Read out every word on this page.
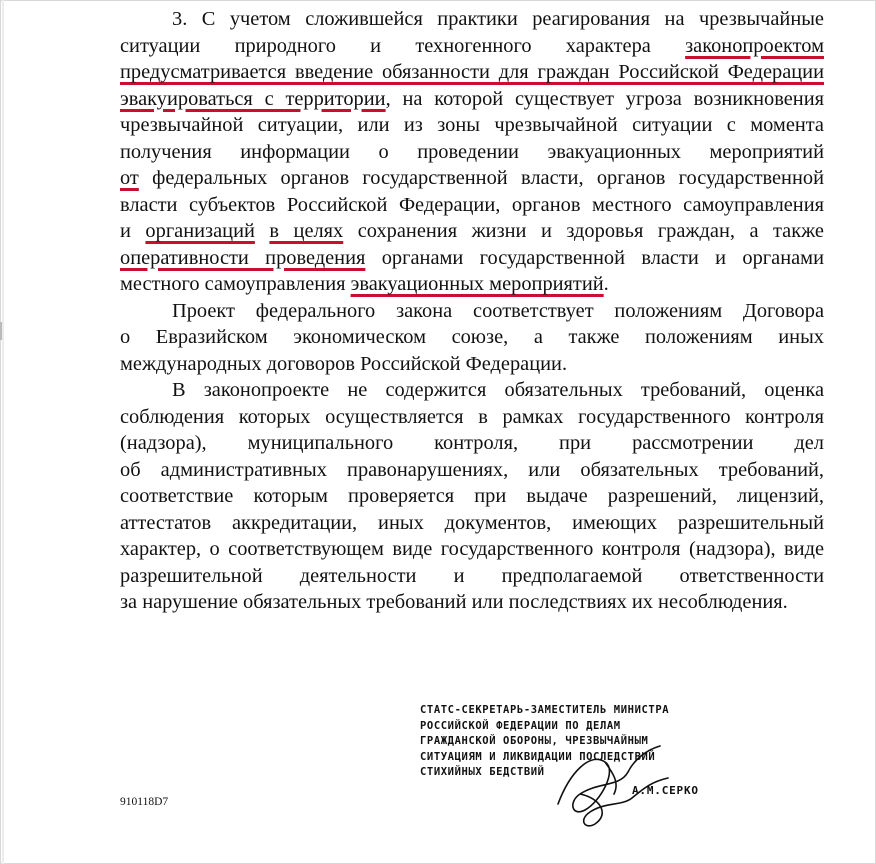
3. С учетом сложившейся практики реагирования на чрезвычайные
ситуации природного и техногенного характера законопроектом
предусматривается введение обязанности для граждан Российской Федерации
эвакуироваться с территории, на которой существует угроза возникновения
чрезвычайной ситуации, или из зоны чрезвычайной ситуации с момента
получения информации о проведении эвакуационных мероприятий
от федеральных органов государственной власти, органов государственной
власти субъектов Российской Федерации, органов местного самоуправления
и организаций в целях сохранения жизни и здоровья граждан, а также
оперативности проведения органами государственной власти и органами
местного самоуправления эвакуационных мероприятий.

Проект федерального закона соответствует положениям Договора
о Евразийском экономическом союзе, а также положениям иных
международных договоров Российской Федерации.

В законопроекте не содержится обязательных требований, оценка
соблюдения которых осуществляется в рамках государственного контроля
(надзора), муниципального контроля, при рассмотрении дел
об административных правонарушениях, или обязательных требований,
соответствие которым проверяется при выдаче разрешений, лицензий,
аттестатов аккредитации, иных документов, имеющих разрешительный
характер, о соответствующем виде государственного контроля (надзора), виде
разрешительной деятельности и предполагаемой ответственности
за нарушение обязательных требований или последствиях их несоблюдения.

СТАТС-СЕКРЕТАРЬ-ЗАМЕСТИТЕЛЬ МИНИСТРА
РОССИЙСКОЙ ФЕДЕРАЦИИ ПО ДЕЛАМ
ГРАЖДАНСКОЙ ОБОРОНЫ, ЧРЕЗВЫЧАЙНЫМ
СИТУАЦИЯМ И ЛИКВИДАЦИИ ПОСЛЕДСТВИЙ
СТИХИЙНЫХ БЕДСТВИЙ
А.М.СЕРКО
910118D7
